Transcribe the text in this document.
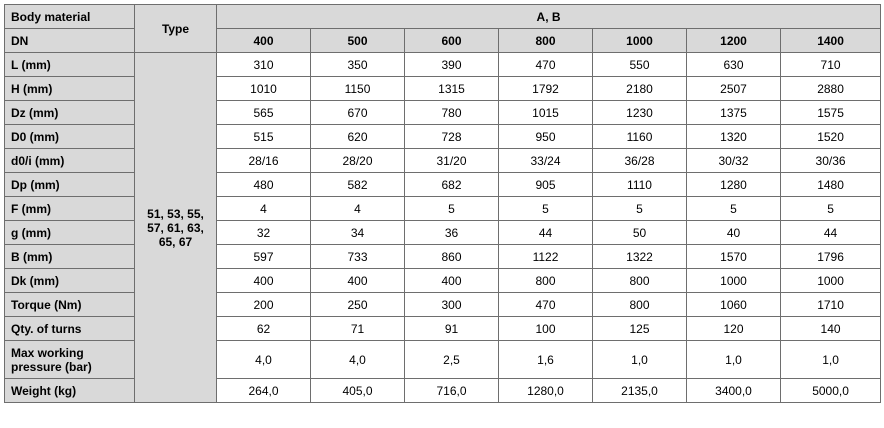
Body material	Type	A, B						
DN		400	500	600	800	1000	1200	1400
L (mm)	51, 53, 55, 57, 61, 63, 65, 67	310	350	390	470	550	630	710
H (mm)		1010	1150	1315	1792	2180	2507	2880
Dz (mm)		565	670	780	1015	1230	1375	1575
D0 (mm)		515	620	728	950	1160	1320	1520
d0/i (mm)		28/16	28/20	31/20	33/24	36/28	30/32	30/36
Dp (mm)		480	582	682	905	1110	1280	1480
F (mm)		4	4	5	5	5	5	5
g (mm)		32	34	36	44	50	40	44
B (mm)		597	733	860	1122	1322	1570	1796
Dk (mm)		400	400	400	800	800	1000	1000
Torque (Nm)		200	250	300	470	800	1060	1710
Qty. of turns		62	71	91	100	125	120	140
Max working pressure (bar)		4,0	4,0	2,5	1,6	1,0	1,0	1,0
Weight (kg)		264,0	405,0	716,0	1280,0	2135,0	3400,0	5000,0
